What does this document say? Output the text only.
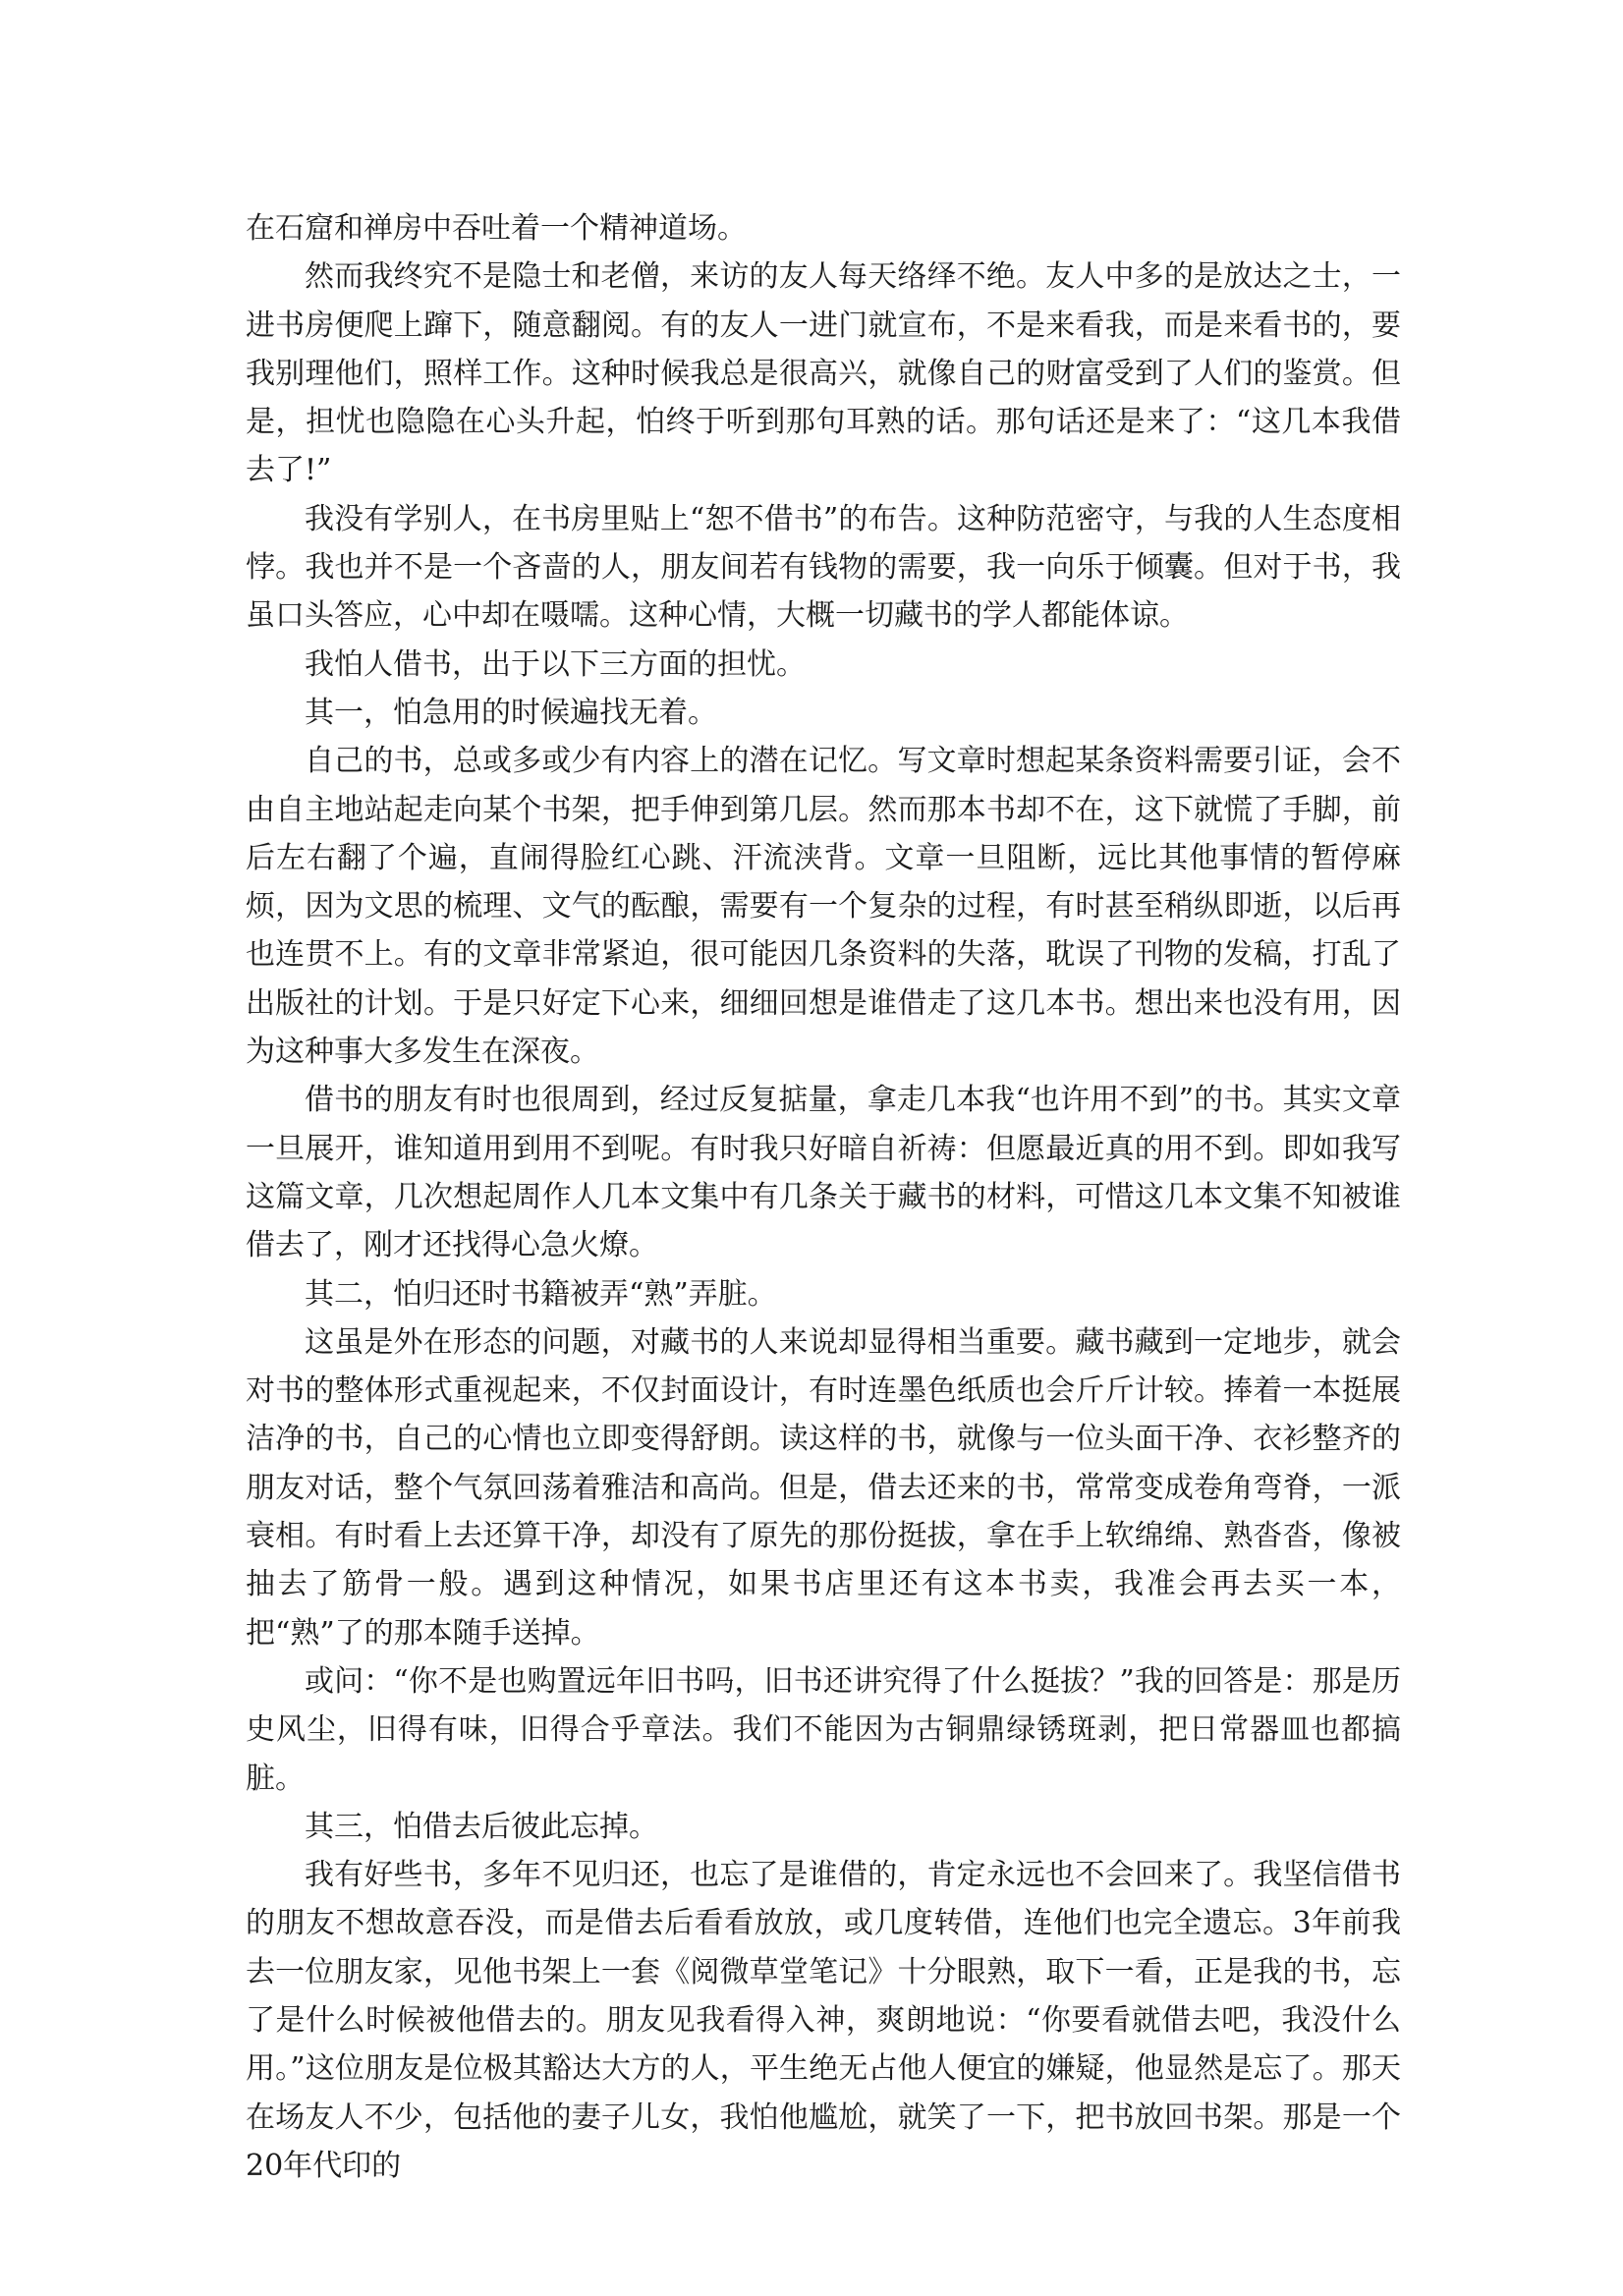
在石窟和禅房中吞吐着一个精神道场。

然而我终究不是隐士和老僧，来访的友人每天络绎不绝。友人中多的是放达之士，一进书房便爬上蹿下，随意翻阅。有的友人一进门就宣布，不是来看我，而是来看书的，要我别理他们，照样工作。这种时候我总是很高兴，就像自己的财富受到了人们的鉴赏。但是，担忧也隐隐在心头升起，怕终于听到那句耳熟的话。那句话还是来了：“这几本我借去了!”

我没有学别人，在书房里贴上“恕不借书”的布告。这种防范密守，与我的人生态度相悖。我也并不是一个吝啬的人，朋友间若有钱物的需要，我一向乐于倾囊。但对于书，我虽口头答应，心中却在嗫嚅。这种心情，大概一切藏书的学人都能体谅。

我怕人借书，出于以下三方面的担忧。

其一，怕急用的时候遍找无着。

自己的书，总或多或少有内容上的潜在记忆。写文章时想起某条资料需要引证，会不由自主地站起走向某个书架，把手伸到第几层。然而那本书却不在，这下就慌了手脚，前后左右翻了个遍，直闹得脸红心跳、汗流浃背。文章一旦阻断，远比其他事情的暂停麻烦，因为文思的梳理、文气的酝酿，需要有一个复杂的过程，有时甚至稍纵即逝，以后再也连贯不上。有的文章非常紧迫，很可能因几条资料的失落，耽误了刊物的发稿，打乱了出版社的计划。于是只好定下心来，细细回想是谁借走了这几本书。想出来也没有用，因为这种事大多发生在深夜。

借书的朋友有时也很周到，经过反复掂量，拿走几本我“也许用不到”的书。其实文章一旦展开，谁知道用到用不到呢。有时我只好暗自祈祷：但愿最近真的用不到。即如我写这篇文章，几次想起周作人几本文集中有几条关于藏书的材料，可惜这几本文集不知被谁借去了，刚才还找得心急火燎。

其二，怕归还时书籍被弄“熟”弄脏。

这虽是外在形态的问题，对藏书的人来说却显得相当重要。藏书藏到一定地步，就会对书的整体形式重视起来，不仅封面设计，有时连墨色纸质也会斤斤计较。捧着一本挺展洁净的书，自己的心情也立即变得舒朗。读这样的书，就像与一位头面干净、衣衫整齐的朋友对话，整个气氛回荡着雅洁和高尚。但是，借去还来的书，常常变成卷角弯脊，一派衰相。有时看上去还算干净，却没有了原先的那份挺拔，拿在手上软绵绵、熟沓沓，像被抽去了筋骨一般。遇到这种情况，如果书店里还有这本书卖，我准会再去买一本，把“熟”了的那本随手送掉。

或问：“你不是也购置远年旧书吗，旧书还讲究得了什么挺拔？”我的回答是：那是历史风尘，旧得有味，旧得合乎章法。我们不能因为古铜鼎绿锈斑剥，把日常器皿也都搞脏。

其三，怕借去后彼此忘掉。

我有好些书，多年不见归还，也忘了是谁借的，肯定永远也不会回来了。我坚信借书的朋友不想故意吞没，而是借去后看看放放，或几度转借，连他们也完全遗忘。3年前我去一位朋友家，见他书架上一套《阅微草堂笔记》十分眼熟，取下一看，正是我的书，忘了是什么时候被他借去的。朋友见我看得入神，爽朗地说：“你要看就借去吧，我没什么用。”这位朋友是位极其豁达大方的人，平生绝无占他人便宜的嫌疑，他显然是忘了。那天在场友人不少，包括他的妻子儿女，我怕他尴尬，就笑了一下，把书放回书架。那是一个20年代印的
